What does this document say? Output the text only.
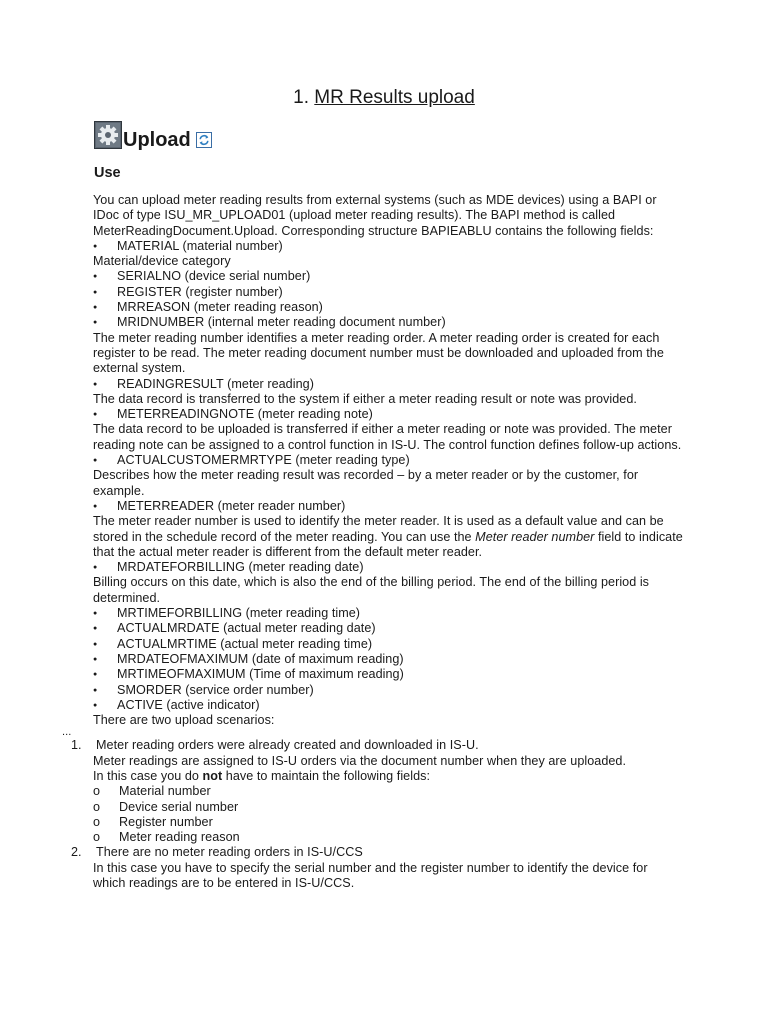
1. MR Results upload
Upload
Use

You can upload meter reading results from external systems (such as MDE devices) using a BAPI or IDoc of type ISU_MR_UPLOAD01 (upload meter reading results). The BAPI method is called MeterReadingDocument.Upload. Corresponding structure BAPIEABLU contains the following fields:

● MATERIAL (material number)

Material/device category

● SERIALNO (device serial number)

● REGISTER (register number)

● MRREASON (meter reading reason)

● MRIDNUMBER (internal meter reading document number)

The meter reading number identifies a meter reading order. A meter reading order is created for each register to be read. The meter reading document number must be downloaded and uploaded from the external system.

● READINGRESULT (meter reading)

The data record is transferred to the system if either a meter reading result or note was provided.

● METERREADINGNOTE (meter reading note)

The data record to be uploaded is transferred if either a meter reading or note was provided. The meter reading note can be assigned to a control function in IS-U. The control function defines follow-up actions.

● ACTUALCUSTOMERMRTYPE (meter reading type)

Describes how the meter reading result was recorded – by a meter reader or by the customer, for example.

● METERREADER (meter reader number)

The meter reader number is used to identify the meter reader. It is used as a default value and can be stored in the schedule record of the meter reading. You can use the Meter reader number field to indicate that the actual meter reader is different from the default meter reader.

● MRDATEFORBILLING (meter reading date)

Billing occurs on this date, which is also the end of the billing period. The end of the billing period is determined.

● MRTIMEFORBILLING (meter reading time)

● ACTUALMRDATE (actual meter reading date)

● ACTUALMRTIME (actual meter reading time)

● MRDATEOFMAXIMUM (date of maximum reading)

● MRTIMEOFMAXIMUM (Time of maximum reading)

● SMORDER (service order number)

● ACTIVE (active indicator)

There are two upload scenarios:

...

1. Meter reading orders were already created and downloaded in IS-U.

Meter readings are assigned to IS-U orders via the document number when they are uploaded.

In this case you do not have to maintain the following fields:

o Material number

o Device serial number

o Register number

o Meter reading reason

2. There are no meter reading orders in IS-U/CCS

In this case you have to specify the serial number and the register number to identify the device for which readings are to be entered in IS-U/CCS.
